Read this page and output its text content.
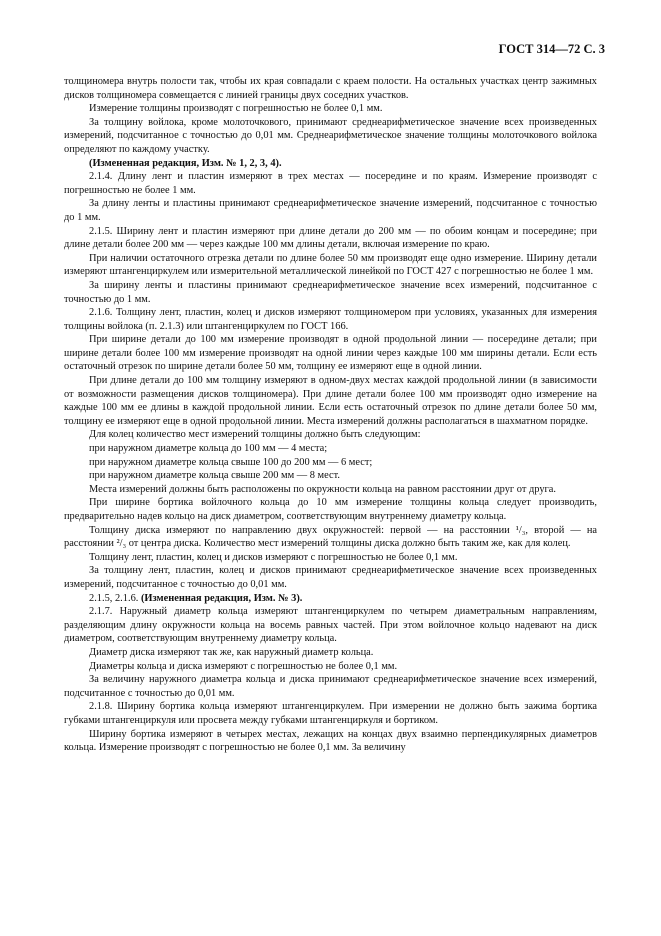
ГОСТ 314—72 С. 3

толщиномера внутрь полости так, чтобы их края совпадали с краем полости. На остальных участках центр зажимных дисков толщиномера совмещается с линией границы двух соседних участков.

Измерение толщины производят с погрешностью не более 0,1 мм.

За толщину войлока, кроме молоточкового, принимают среднеарифметическое значение всех произведенных измерений, подсчитанное с точностью до 0,01 мм. Среднеарифметическое значение толщины молоточкового войлока определяют по каждому участку.

(Измененная редакция, Изм. № 1, 2, 3, 4).

2.1.4. Длину лент и пластин измеряют в трех местах — посередине и по краям. Измерение производят с погрешностью не более 1 мм.

За длину ленты и пластины принимают среднеарифметическое значение измерений, подсчитанное с точностью до 1 мм.

2.1.5. Ширину лент и пластин измеряют при длине детали до 200 мм — по обоим концам и посередине; при длине детали более 200 мм — через каждые 100 мм длины детали, включая измерение по краю.

При наличии остаточного отрезка детали по длине более 50 мм производят еще одно измерение. Ширину детали измеряют штангенциркулем или измерительной металлической линейкой по ГОСТ 427 с погрешностью не более 1 мм.

За ширину ленты и пластины принимают среднеарифметическое значение всех измерений, подсчитанное с точностью до 1 мм.

2.1.6. Толщину лент, пластин, колец и дисков измеряют толщиномером при условиях, указанных для измерения толщины войлока (п. 2.1.3) или штангенциркулем по ГОСТ 166.

При ширине детали до 100 мм измерение производят в одной продольной линии — посередине детали; при ширине детали более 100 мм измерение производят на одной линии через каждые 100 мм ширины детали. Если есть остаточный отрезок по ширине детали более 50 мм, толщину ее измеряют еще в одной линии.

При длине детали до 100 мм толщину измеряют в одном-двух местах каждой продольной линии (в зависимости от возможности размещения дисков толщиномера). При длине детали более 100 мм производят одно измерение на каждые 100 мм ее длины в каждой продольной линии. Если есть остаточный отрезок по длине детали более 50 мм, толщину ее измеряют еще в одной продольной линии. Места измерений должны располагаться в шахматном порядке.

Для колец количество мест измерений толщины должно быть следующим:

при наружном диаметре кольца до 100 мм — 4 места;

при наружном диаметре кольца свыше 100 до 200 мм — 6 мест;

при наружном диаметре кольца свыше 200 мм — 8 мест.

Места измерений должны быть расположены по окружности кольца на равном расстоянии друг от друга.

При ширине бортика войлочного кольца до 10 мм измерение толщины кольца следует производить, предварительно надев кольцо на диск диаметром, соответствующим внутреннему диаметру кольца.

Толщину диска измеряют по направлению двух окружностей: первой — на расстоянии ¹/₃, второй — на расстоянии ²/₃ от центра диска. Количество мест измерений толщины диска должно быть таким же, как для колец.

Толщину лент, пластин, колец и дисков измеряют с погрешностью не более 0,1 мм.

За толщину лент, пластин, колец и дисков принимают среднеарифметическое значение всех произведенных измерений, подсчитанное с точностью до 0,01 мм.

2.1.5, 2.1.6. (Измененная редакция, Изм. № 3).

2.1.7. Наружный диаметр кольца измеряют штангенциркулем по четырем диаметральным направлениям, разделяющим длину окружности кольца на восемь равных частей. При этом войлочное кольцо надевают на диск диаметром, соответствующим внутреннему диаметру кольца.

Диаметр диска измеряют так же, как наружный диаметр кольца.

Диаметры кольца и диска измеряют с погрешностью не более 0,1 мм.

За величину наружного диаметра кольца и диска принимают среднеарифметическое значение всех измерений, подсчитанное с точностью до 0,01 мм.

2.1.8. Ширину бортика кольца измеряют штангенциркулем. При измерении не должно быть зажима бортика губками штангенциркуля или просвета между губками штангенциркуля и бортиком.

Ширину бортика измеряют в четырех местах, лежащих на концах двух взаимно перпендикулярных диаметров кольца. Измерение производят с погрешностью не более 0,1 мм. За величину
